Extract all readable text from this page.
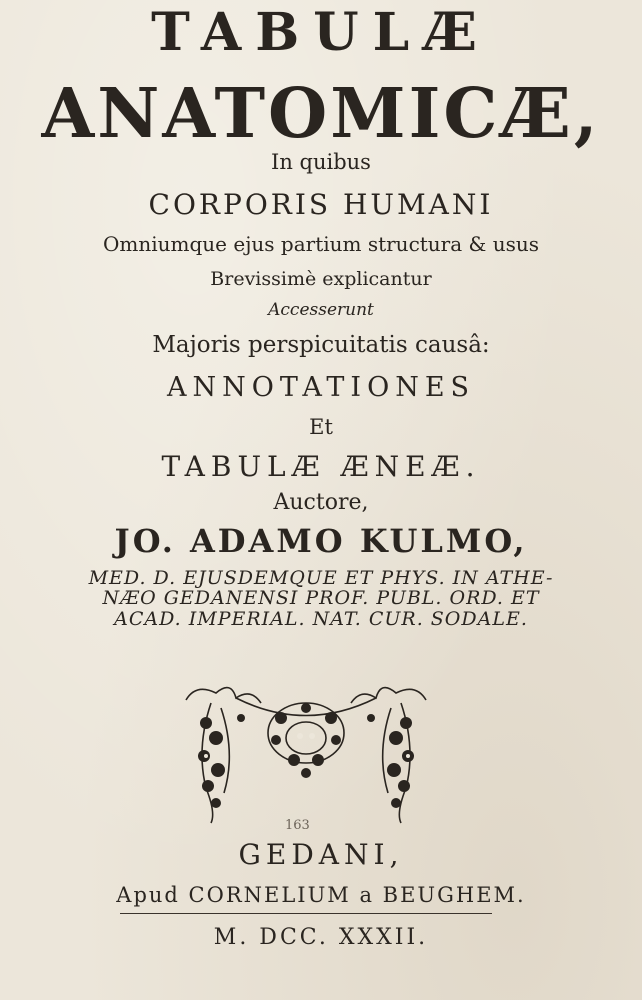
TABULÆ
ANATOMICÆ,
In quibus
CORPORIS HUMANI
Omniumque ejus partium structura & usus
Brevissimè explicantur
Accesserunt
Majoris perspicuitatis causâ:
ANNOTATIONES
Et
TABULÆ ÆNEÆ.
Auctore,
JO. ADAMO KULMO,
MED. D. EJUSDEMQUE ET PHYS. IN ATHE-
NÆO GEDANENSI PROF. PUBL. ORD. ET
ACAD. IMPERIAL. NAT. CUR. SODALE.
163
GEDANI,
Apud CORNELIUM a BEUGHEM.
M. DCC. XXXII.
